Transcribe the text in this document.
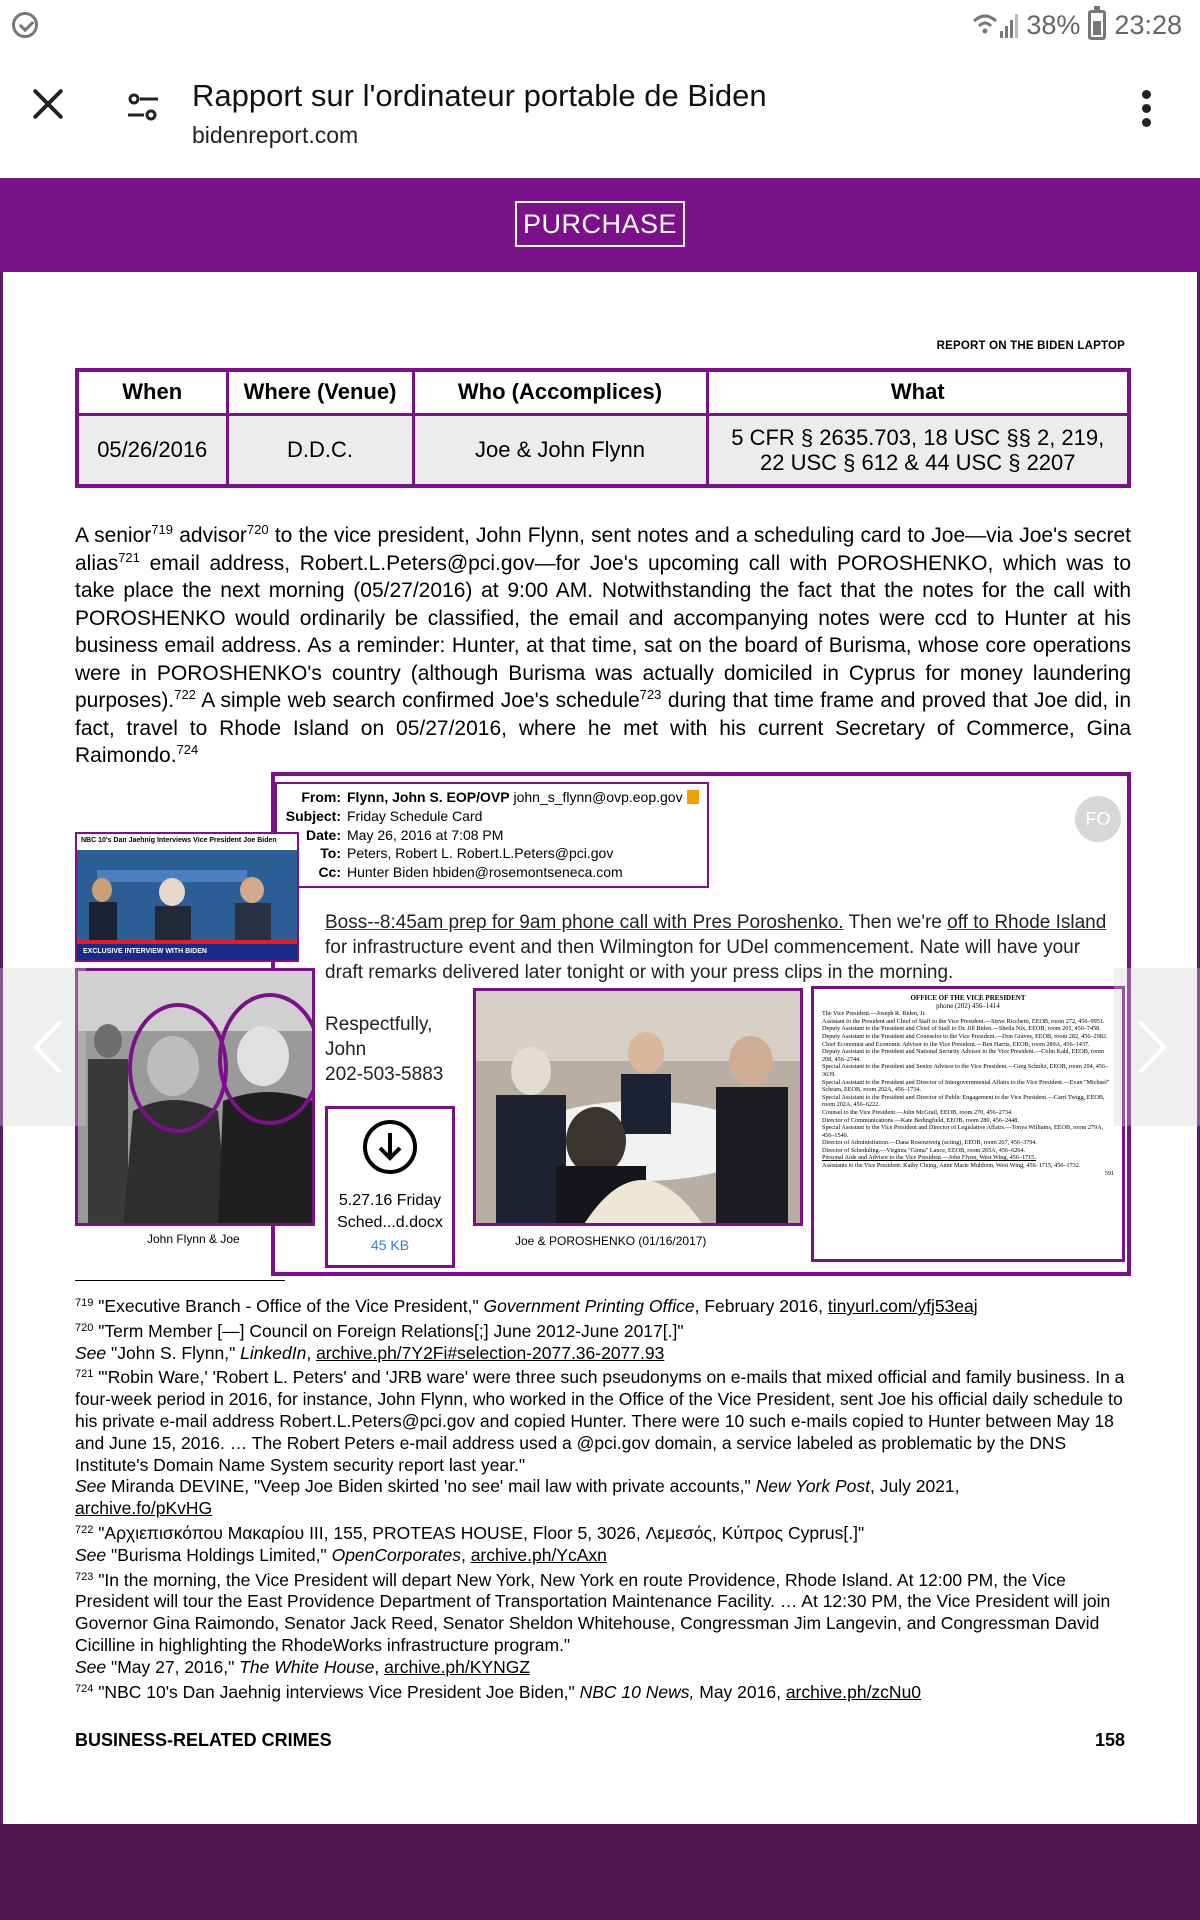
38% 23:28
Rapport sur l'ordinateur portable de Biden
bidenreport.com
PURCHASE
REPORT ON THE BIDEN LAPTOP
When	Where (Venue)	Who (Accomplices)	What
05/26/2016	D.D.C.	Joe & John Flynn	5 CFR § 2635.703, 18 USC §§ 2, 219,
22 USC § 612 & 44 USC § 2207

A senior$^{719}$ advisor$^{720}$ to the vice president, John Flynn, sent notes and a scheduling card to Joe—via Joe's secret alias$^{721}$ email address, Robert.L.Peters@pci.gov—for Joe's upcoming call with POROSHENKO, which was to take place the next morning (05/27/2016) at 9:00 AM. Notwithstanding the fact that the notes for the call with POROSHENKO would ordinarily be classified, the email and accompanying notes were ccd to Hunter at his business email address. As a reminder: Hunter, at that time, sat on the board of Burisma, whose core operations were in POROSHENKO's country (although Burisma was actually domiciled in Cyprus for money laundering purposes).$^{722}$ A simple web search confirmed Joe's schedule$^{723}$ during that time frame and proved that Joe did, in fact, travel to Rhode Island on 05/27/2016, where he met with his current Secretary of Commerce, Gina Raimondo.$^{724}$

From: Flynn, John S. EOP/OVP john_s_flynn@ovp.eop.gov
Subject: Friday Schedule Card
Date: May 26, 2016 at 7:08 PM
To: Peters, Robert L. Robert.L.Peters@pci.gov
Cc: Hunter Biden hbiden@rosemontseneca.com
FO
Boss--8:45am prep for 9am phone call with Pres Poroshenko. Then we're off to Rhode Island for infrastructure event and then Wilmington for UDel commencement. Nate will have your draft remarks delivered later tonight or with your press clips in the morning.
Respectfully,
John
202-503-5883
5.27.16 Friday
Sched...d.docx
45 KB
NBC 10's Dan Jaehnig Interviews Vice President Joe Biden
EXCLUSIVE INTERVIEW WITH BIDEN
John Flynn & Joe	Joe & POROSHENKO (01/16/2017)
OFFICE OF THE VICE PRESIDENT
phone (202) 456–1414
The Vice President.—Joseph R. Biden, Jr.
Assistant to the President and Chief of Staff to the Vice President.—Steve Ricchetti, EEOB, room 272, 456–9951.
Deputy Assistant to the President and Chief of Staff to Dr. Jill Biden.—Sheila Nix, EEOB, room 201, 456–7458.
Deputy Assistant to the President and Counselor to the Vice President.—Don Graves, EEOB, room 282, 456–2982.
Chief Economist and Economic Advisor to the Vice President.—Ben Harris, EEOB, room 289A, 456–1437.
Deputy Assistant to the President and National Security Advisor to the Vice President.—Colin Kahl, EEOB, room 208, 456–2744.
Special Assistant to the President and Senior Advisor to the Vice President.—Greg Schultz, EEOB, room 204, 456–3639.
Special Assistant to the President and Director of Intergovernmental Affairs to the Vice President.—Evan "Michael" Schram, EEOB, room 202A, 456–1734.
Special Assistant to the President and Director of Public Engagement to the Vice President.—Carri Twigg, EEOB, room 202A, 456–6222.
Counsel to the Vice President.—John McGrail, EEOB, room 270, 456–2734.
Director of Communications.—Kate Bedingfield, EEOB, room 280, 456–2448.
Special Assistant to the Vice President and Director of Legislative Affairs.—Tonya Williams, EEOB, room 279A, 456–1540.
Director of Administration.—Dana Rosenzweig (acting), EEOB, room 267, 456–3794.
Director of Scheduling.—Virginia "Ginna" Lance, EEOB, room 265A, 456–6264.
Personal Aide and Advisor to the Vice President.—John Flynn, West Wing, 456–1715.
Assistants to the Vice President: Kathy Chung, Anne Marie Muldoon, West Wing, 456–1715, 456–1732.
591
$^{719}$ "Executive Branch - Office of the Vice President," Government Printing Office, February 2016, tinyurl.com/yfj53eaj
$^{720}$ "Term Member [—] Council on Foreign Relations[;] June 2012-June 2017[.]"
See "John S. Flynn," LinkedIn, archive.ph/7Y2Fi#selection-2077.36-2077.93
$^{721}$ "'Robin Ware,' 'Robert L. Peters' and 'JRB ware' were three such pseudonyms on e-mails that mixed official and family business. In a four-week period in 2016, for instance, John Flynn, who worked in the Office of the Vice President, sent Joe his official daily schedule to his private e-mail address Robert.L.Peters@pci.gov and copied Hunter. There were 10 such e-mails copied to Hunter between May 18 and June 15, 2016. … The Robert Peters e-mail address used a @pci.gov domain, a service labeled as problematic by the DNS Institute's Domain Name System security report last year."
See Miranda DEVINE, "Veep Joe Biden skirted 'no see' mail law with private accounts," New York Post, July 2021,
archive.fo/pKvHG
$^{722}$ "Αρχιεπισκόπου Μακαρίου III, 155, PROTEAS HOUSE, Floor 5, 3026, Λεμεσός, Κύπρος Cyprus[.]"
See "Burisma Holdings Limited," OpenCorporates, archive.ph/YcAxn
$^{723}$ "In the morning, the Vice President will depart New York, New York en route Providence, Rhode Island. At 12:00 PM, the Vice President will tour the East Providence Department of Transportation Maintenance Facility. … At 12:30 PM, the Vice President will join Governor Gina Raimondo, Senator Jack Reed, Senator Sheldon Whitehouse, Congressman Jim Langevin, and Congressman David Cicilline in highlighting the RhodeWorks infrastructure program."
See "May 27, 2016," The White House, archive.ph/KYNGZ
$^{724}$ "NBC 10's Dan Jaehnig interviews Vice President Joe Biden," NBC 10 News, May 2016, archive.ph/zcNu0
BUSINESS-RELATED CRIMES	158
